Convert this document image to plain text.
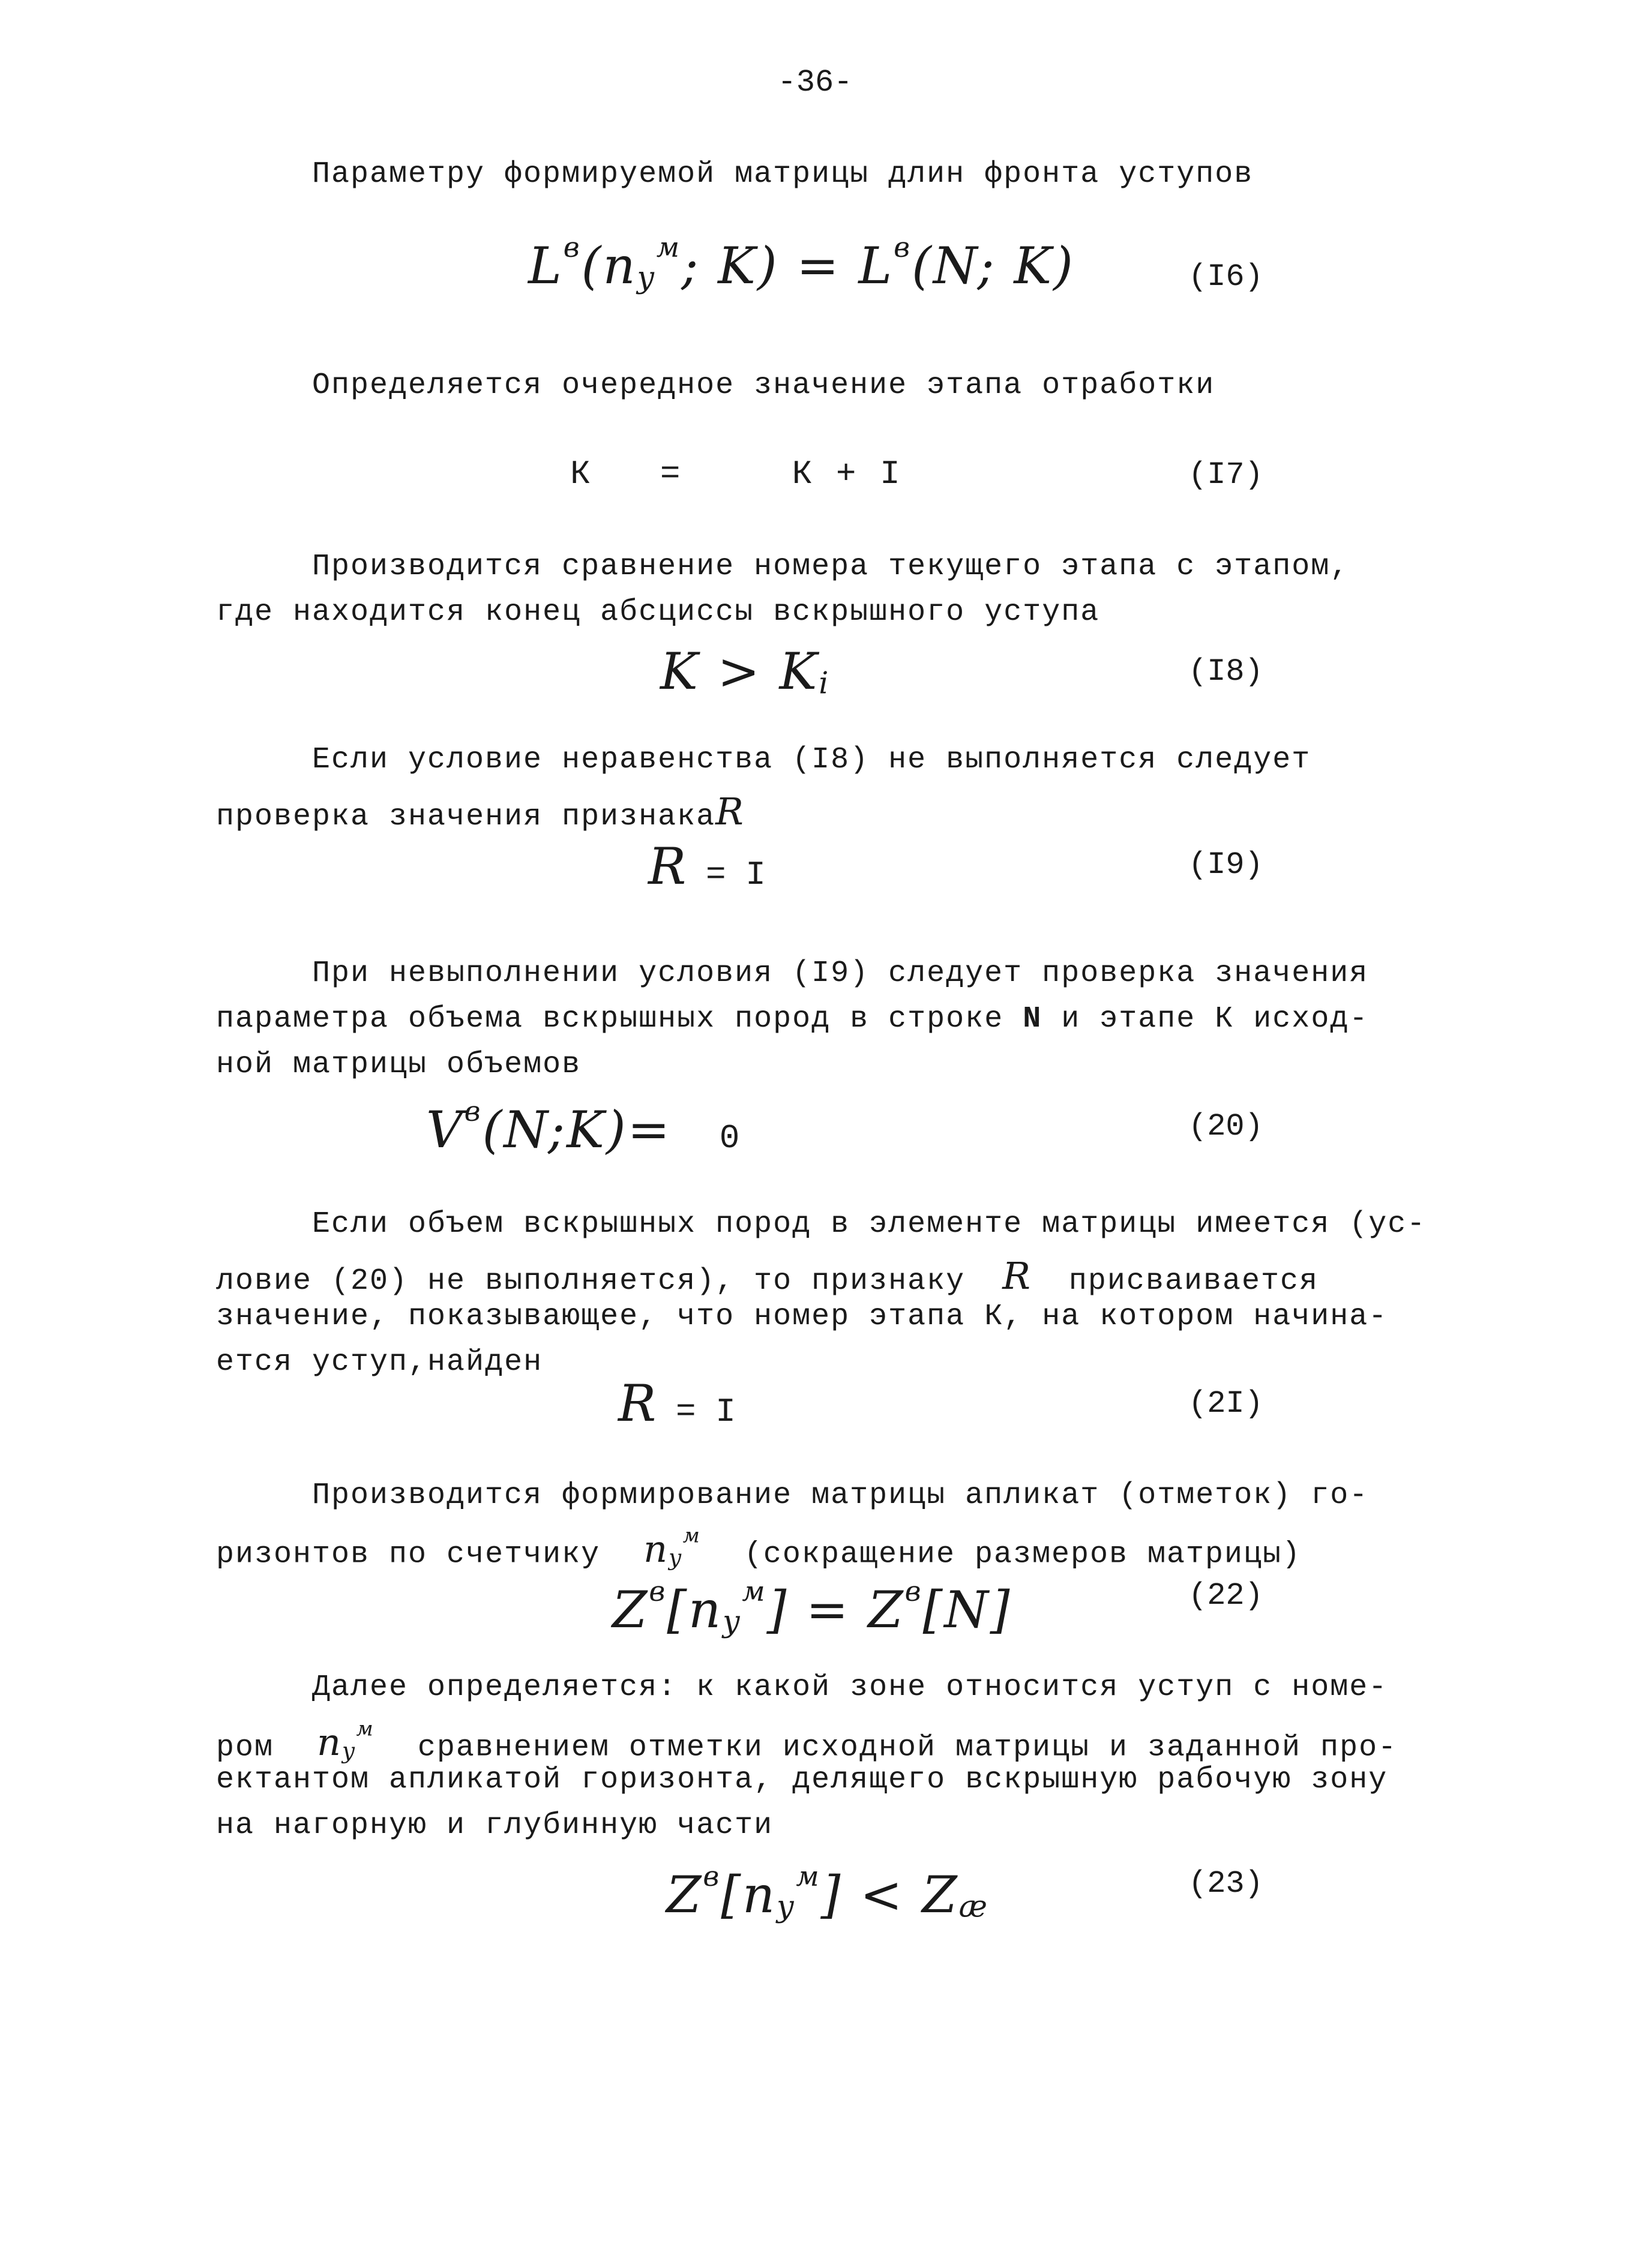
-36-
Параметру формируемой матрицы длин фронта уступов
$L^в(nу^м$; $K) = L^в(N$; K)	(I6)
Определяется очередное значение этапа отработки
К =	К + I	(I7)
Производится сравнение номера текущего этапа с этапом,
где находится конец абсциссы вскрышного уступа
K > Ki	(I8)
Если условие неравенства (I8) не выполняется следует
проверка значения признакаR
R = I	(I9)
При невыполнении условия (I9) следует проверка значения
параметра объема вскрышных пород в строке N и этапе К исход-
ной матрицы объемов
$V^в(N;K)= 0$	(20)
Если объем вскрышных пород в элементе матрицы имеется (ус-
ловие (20) не выполняется), то признаку R присваивается
значение, показывающее, что номер этапа К, на котором начина-
ется уступ,найден
R = I	(2I)
Производится формирование матрицы апликат (отметок) го-
ризонтов по счетчику $nу^м$ (сокращение размеров матрицы)
$Z^в[nу^м] = Z^в[N]$	(22)
Далее определяется: к какой зоне относится уступ с номе-
ром $nу^м$ сравнением отметки исходной матрицы и заданной про-
ектантом апликатой горизонта, делящего вскрышную рабочую зону
на нагорную и глубинную части
$Z^в[nу^м]$ < Zæ
(23)
